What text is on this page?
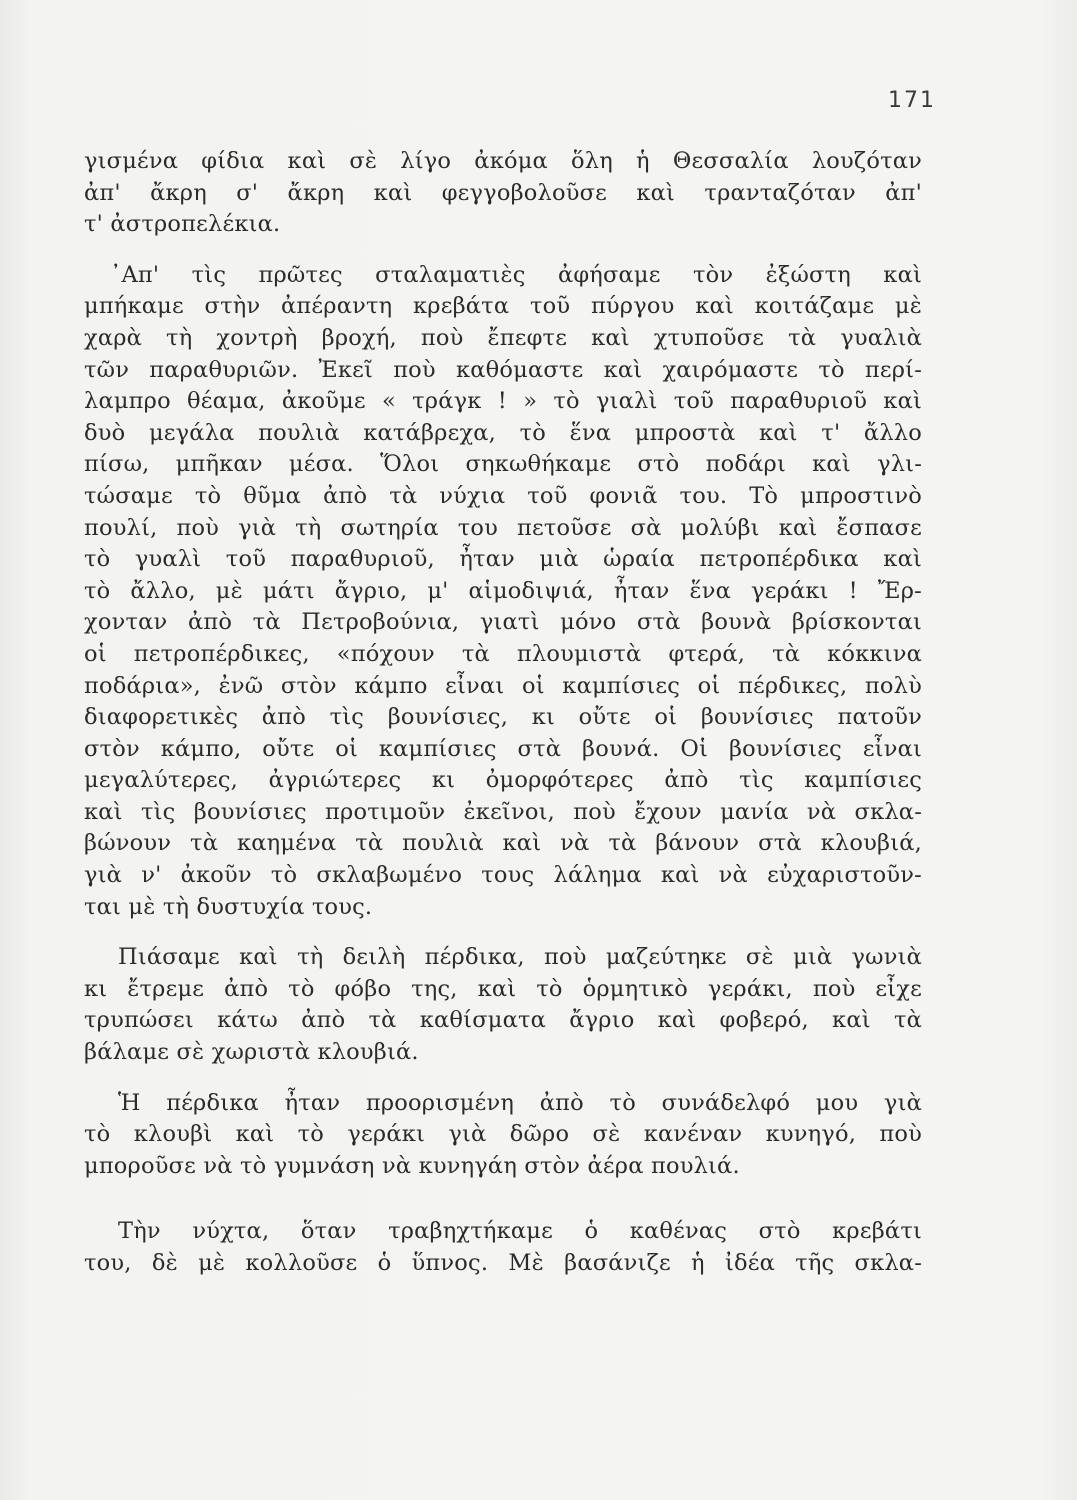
171
γισμένα φίδια καὶ σὲ λίγο ἀκόμα ὅλη ἡ Θεσσαλία λουζόταν
ἀπ' ἄκρη σ' ἄκρη καὶ φεγγοβολοῦσε καὶ τρανταζόταν ἀπ'
τ' ἀστροπελέκια.
᾽Απ' τὶς πρῶτες σταλαματιὲς ἀφήσαμε τὸν ἐξώστη καὶ
μπήκαμε στὴν ἀπέραντη κρεβάτα τοῦ πύργου καὶ κοιτάζαμε μὲ
χαρὰ τὴ χοντρὴ βροχή, ποὺ ἔπεφτε καὶ χτυποῦσε τὰ γυαλιὰ
τῶν παραθυριῶν. Ἐκεῖ ποὺ καθόμαστε καὶ χαιρόμαστε τὸ περί-
λαμπρο θέαμα, ἀκοῦμε « τράγκ ! » τὸ γιαλὶ τοῦ παραθυριοῦ καὶ
δυὸ μεγάλα πουλιὰ κατάβρεχα, τὸ ἕνα μπροστὰ καὶ τ' ἄλλο
πίσω, μπῆκαν μέσα. Ὅλοι σηκωθήκαμε στὸ ποδάρι καὶ γλι-
τώσαμε τὸ θῦμα ἀπὸ τὰ νύχια τοῦ φονιᾶ του. Τὸ μπροστινὸ
πουλί, ποὺ γιὰ τὴ σωτηρία του πετοῦσε σὰ μολύβι καὶ ἔσπασε
τὸ γυαλὶ τοῦ παραθυριοῦ, ἦταν μιὰ ὡραία πετροπέρδικα καὶ
τὸ ἄλλο, μὲ μάτι ἄγριο, μ' αἱμοδιψιά, ἦταν ἕνα γεράκι ! Ἔρ-
χονταν ἀπὸ τὰ Πετροβούνια, γιατὶ μόνο στὰ βουνὰ βρίσκονται
οἱ πετροπέρδικες, «πόχουν τὰ πλουμιστὰ φτερά, τὰ κόκκινα
ποδάρια», ἐνῶ στὸν κάμπο εἶναι οἱ καμπίσιες οἱ πέρδικες, πολὺ
διαφορετικὲς ἀπὸ τὶς βουνίσιες, κι οὔτε οἱ βουνίσιες πατοῦν
στὸν κάμπο, οὔτε οἱ καμπίσιες στὰ βουνά. Οἱ βουνίσιες εἶναι
μεγαλύτερες, ἀγριώτερες κι ὀμορφότερες ἀπὸ τὶς καμπίσιες
καὶ τὶς βουνίσιες προτιμοῦν ἐκεῖνοι, ποὺ ἔχουν μανία νὰ σκλα-
βώνουν τὰ καημένα τὰ πουλιὰ καὶ νὰ τὰ βάνουν στὰ κλουβιά,
γιὰ ν' ἀκοῦν τὸ σκλαβωμένο τους λάλημα καὶ νὰ εὐχαριστοῦν-
ται μὲ τὴ δυστυχία τους.
Πιάσαμε καὶ τὴ δειλὴ πέρδικα, ποὺ μαζεύτηκε σὲ μιὰ γωνιὰ
κι ἔτρεμε ἀπὸ τὸ φόβο της, καὶ τὸ ὁρμητικὸ γεράκι, ποὺ εἶχε
τρυπώσει κάτω ἀπὸ τὰ καθίσματα ἄγριο καὶ φοβερό, καὶ τὰ
βάλαμε σὲ χωριστὰ κλουβιά.
Ἡ πέρδικα ἦταν προορισμένη ἀπὸ τὸ συνάδελφό μου γιὰ
τὸ κλουβὶ καὶ τὸ γεράκι γιὰ δῶρο σὲ κανέναν κυνηγό, ποὺ
μποροῦσε νὰ τὸ γυμνάση νὰ κυνηγάη στὸν ἀέρα πουλιά.
Τὴν νύχτα, ὅταν τραβηχτήκαμε ὁ καθένας στὸ κρεβάτι
του, δὲ μὲ κολλοῦσε ὁ ὕπνος. Μὲ βασάνιζε ἡ ἰδέα τῆς σκλα-
